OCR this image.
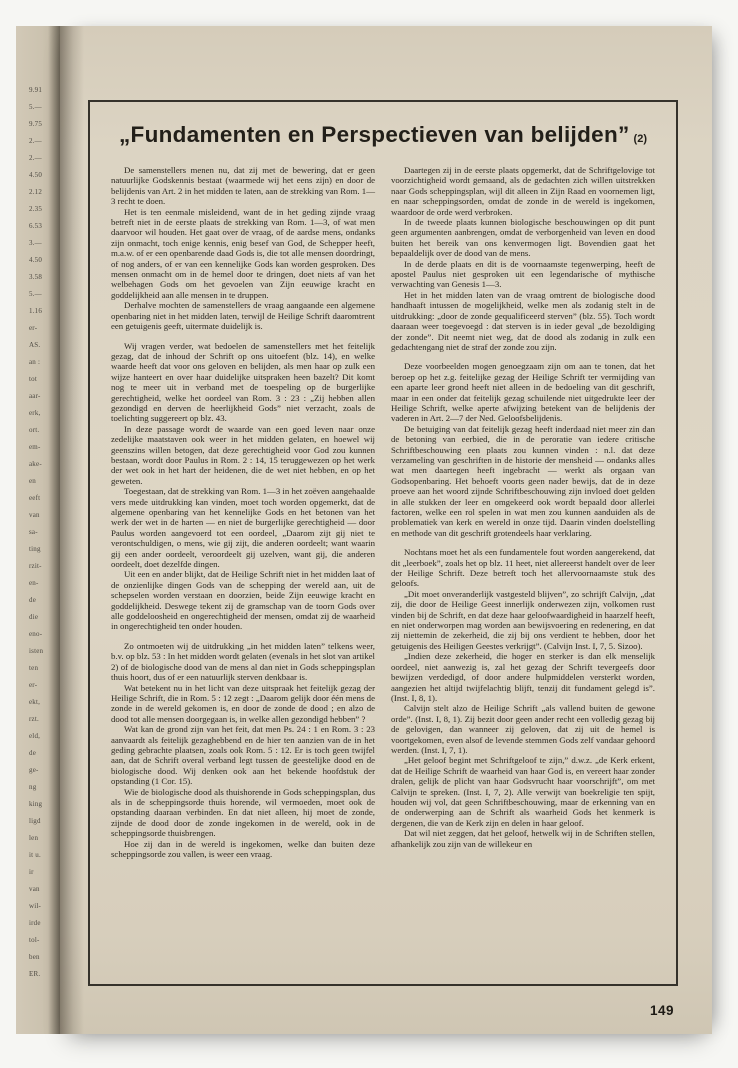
9.91
5.—
9.75
2.—
2.—
4.50
2.12
2.35
6.53
3.—
4.50
3.58
5.—
1.16
er-
AS.
an :
tot
aar-
erk,
ort.
em-
ake-
en
eeft
van
sa-
ting
rzit-
en-
de
die
eno-
isten
ten
er-
ekt,
rzt.
eld,
de
ge-
ng
king
ligd
len
it u.
ir
van
wil-
irde
tol-
ben
ER.
„Fundamenten en Perspectieven van belijden” (2)

De samenstellers menen nu, dat zij met de bewering, dat er geen natuurlijke Godskennis bestaat (waarmede wij het eens zijn) en door de belijdenis van Art. 2 in het midden te laten, aan de strekking van Rom. 1—3 recht te doen.

Het is ten eenmale misleidend, want de in het geding zijnde vraag betreft niet in de eerste plaats de strekking van Rom. 1—3, of wat men daarvoor wil houden. Het gaat over de vraag, of de aardse mens, ondanks zijn onmacht, toch enige kennis, enig besef van God, de Schepper heeft, m.a.w. of er een openbarende daad Gods is, die tot alle mensen doordringt, of nog anders, of er van een kennelijke Gods kan worden gesproken. Des mensen onmacht om in de hemel door te dringen, doet niets af van het welbehagen Gods om het gevoelen van Zijn eeuwige kracht en goddelijkheid aan alle mensen in te druppen.

Derhalve mochten de samenstellers de vraag aangaande een algemene openbaring niet in het midden laten, terwijl de Heilige Schrift daaromtrent een getuigenis geeft, uitermate duidelijk is.

Wij vragen verder, wat bedoelen de samenstellers met het feitelijk gezag, dat de inhoud der Schrift op ons uitoefent (blz. 14), en welke waarde heeft dat voor ons geloven en belijden, als men haar op zulk een wijze hanteert en over haar duidelijke uitspraken heen bazelt? Dit komt nog te meer uit in verband met de toespeling op de burgerlijke gerechtigheid, welke het oordeel van Rom. 3 : 23 : „Zij hebben allen gezondigd en derven de heerlijkheid Gods” niet verzacht, zoals de toelichting suggereert op blz. 43.

In deze passage wordt de waarde van een goed leven naar onze zedelijke maatstaven ook weer in het midden gelaten, en hoewel wij geenszins willen betogen, dat deze gerechtigheid voor God zou kunnen bestaan, wordt door Paulus in Rom. 2 : 14, 15 teruggewezen op het werk der wet ook in het hart der heidenen, die de wet niet hebben, en op het geweten.

Toegestaan, dat de strekking van Rom. 1—3 in het zoëven aangehaalde vers mede uitdrukking kan vinden, moet toch worden opgemerkt, dat de algemene openbaring van het kennelijke Gods en het betonen van het werk der wet in de harten — en niet de burgerlijke gerechtigheid — door Paulus worden aangevoerd tot een oordeel, „Daarom zijt gij niet te verontschuldigen, o mens, wie gij zijt, die anderen oordeelt; want waarin gij een ander oordeelt, veroordeelt gij uzelven, want gij, die anderen oordeelt, doet dezelfde dingen.

Uit een en ander blijkt, dat de Heilige Schrift niet in het midden laat of de onzienlijke dingen Gods van de schepping der wereld aan, uit de schepselen worden verstaan en doorzien, beide Zijn eeuwige kracht en goddelijkheid. Deswege tekent zij de gramschap van de toorn Gods over alle goddeloosheid en ongerechtigheid der mensen, omdat zij de waarheid in ongerechtigheid ten onder houden.

Zo ontmoeten wij de uitdrukking „in het midden laten” telkens weer, b.v. op blz. 53 : In het midden wordt gelaten (evenals in het slot van artikel 2) of de biologische dood van de mens al dan niet in Gods scheppingsplan thuis hoort, dus of er een natuurlijk sterven denkbaar is.

Wat betekent nu in het licht van deze uitspraak het feitelijk gezag der Heilige Schrift, die in Rom. 5 : 12 zegt : „Daarom gelijk door één mens de zonde in de wereld gekomen is, en door de zonde de dood ; en alzo de dood tot alle mensen doorgegaan is, in welke allen gezondigd hebben” ?

Wat kan de grond zijn van het feit, dat men Ps. 24 : 1 en Rom. 3 : 23 aanvaardt als feitelijk gezaghebbend en de hier ten aanzien van de in het geding gebrachte plaatsen, zoals ook Rom. 5 : 12. Er is toch geen twijfel aan, dat de Schrift overal verband legt tussen de geestelijke dood en de biologische dood. Wij denken ook aan het bekende hoofdstuk der opstanding (1 Cor. 15).

Wie de biologische dood als thuishorende in Gods scheppingsplan, dus als in de scheppingsorde thuis horende, wil vermoeden, moet ook de opstanding daaraan verbinden. En dat niet alleen, hij moet de zonde, zijnde de dood door de zonde ingekomen in de wereld, ook in de scheppingsorde thuisbrengen.

Hoe zij dan in de wereld is ingekomen, welke dan buiten deze scheppingsorde zou vallen, is weer een vraag.

Daartegen zij in de eerste plaats opgemerkt, dat de Schriftgelovige tot voorzichtigheid wordt gemaand, als de gedachten zich willen uitstrekken naar Gods scheppingsplan, wijl dit alleen in Zijn Raad en voornemen ligt, en naar scheppingsorden, omdat de zonde in de wereld is ingekomen, waardoor de orde werd verbroken.

In de tweede plaats kunnen biologische beschouwingen op dit punt geen argumenten aanbrengen, omdat de verborgenheid van leven en dood buiten het bereik van ons kenvermogen ligt. Bovendien gaat het bepaaldelijk over de dood van de mens.

In de derde plaats en dit is de voornaamste tegenwerping, heeft de apostel Paulus niet gesproken uit een legendarische of mythische verwachting van Genesis 1—3.

Het in het midden laten van de vraag omtrent de biologische dood handhaaft intussen de mogelijkheid, welke men als zodanig stelt in de uitdrukking: „door de zonde gequalificeerd sterven” (blz. 55). Toch wordt daaraan weer toegevoegd : dat sterven is in ieder geval „de bezoldiging der zonde”. Dit neemt niet weg, dat de dood als zodanig in zulk een gedachtengang niet de straf der zonde zou zijn.

Deze voorbeelden mogen genoegzaam zijn om aan te tonen, dat het beroep op het z.g. feitelijke gezag der Heilige Schrift ter vermijding van een aparte leer grond heeft niet alleen in de bedoeling van dit geschrift, maar in een onder dat feitelijk gezag schuilende niet uitgedrukte leer der Heilige Schrift, welke aperte afwijzing betekent van de belijdenis der vaderen in Art. 2—7 der Ned. Geloofsbelijdenis.

De betuiging van dat feitelijk gezag heeft inderdaad niet meer zin dan de betoning van eerbied, die in de peroratie van iedere critische Schriftbeschouwing een plaats zou kunnen vinden : n.l. dat deze verzameling van geschriften in de historie der mensheid — ondanks alles wat men daartegen heeft ingebracht — werkt als orgaan van Godsopenbaring. Het behoeft voorts geen nader bewijs, dat de in deze proeve aan het woord zijnde Schriftbeschouwing zijn invloed doet gelden in alle stukken der leer en omgekeerd ook wordt bepaald door allerlei factoren, welke een rol spelen in wat men zou kunnen aanduiden als de problematiek van kerk en wereld in onze tijd. Daarin vinden doelstelling en methode van dit geschrift grotendeels haar verklaring.

Nochtans moet het als een fundamentele fout worden aangerekend, dat dit „leerboek”, zoals het op blz. 11 heet, niet allereerst handelt over de leer der Heilige Schrift. Deze betreft toch het allervoornaamste stuk des geloofs.

„Dit moet onveranderlijk vastgesteld blijven”, zo schrijft Calvijn, „dat zij, die door de Heilige Geest innerlijk onderwezen zijn, volkomen rust vinden bij de Schrift, en dat deze haar geloofwaardigheid in haarzelf heeft, en niet onderworpen mag worden aan bewijsvoering en redenering, en dat zij niettemin de zekerheid, die zij bij ons verdient te hebben, door het getuigenis des Heiligen Geestes verkrijgt”. (Calvijn Inst. I, 7, 5. Sizoo).

„Indien deze zekerheid, die hoger en sterker is dan elk menselijk oordeel, niet aanwezig is, zal het gezag der Schrift tevergeefs door bewijzen verdedigd, of door andere hulpmiddelen versterkt worden, aangezien het altijd twijfelachtig blijft, tenzij dit fundament gelegd is”. (Inst. I, 8, 1).

Calvijn stelt alzo de Heilige Schrift „als vallend buiten de gewone orde”. (Inst. I, 8, 1). Zij bezit door geen ander recht een volledig gezag bij de gelovigen, dan wanneer zij geloven, dat zij uit de hemel is voortgekomen, even alsof de levende stemmen Gods zelf vandaar gehoord werden. (Inst. I, 7, 1).

„Het geloof begint met Schriftgeloof te zijn,” d.w.z. „de Kerk erkent, dat de Heilige Schrift de waarheid van haar God is, en vereert haar zonder dralen, gelijk de plicht van haar Godsvrucht haar voorschrijft”, om met Calvijn te spreken. (Inst. I, 7, 2). Alle verwijt van boekreligie ten spijt, houden wij vol, dat geen Schriftbeschouwing, maar de erkenning van en de onderwerping aan de Schrift als waarheid Gods het kenmerk is dergenen, die van de Kerk zijn en delen in haar geloof.

Dat wil niet zeggen, dat het geloof, hetwelk wij in de Schriften stellen, afhankelijk zou zijn van de willekeur en

149
